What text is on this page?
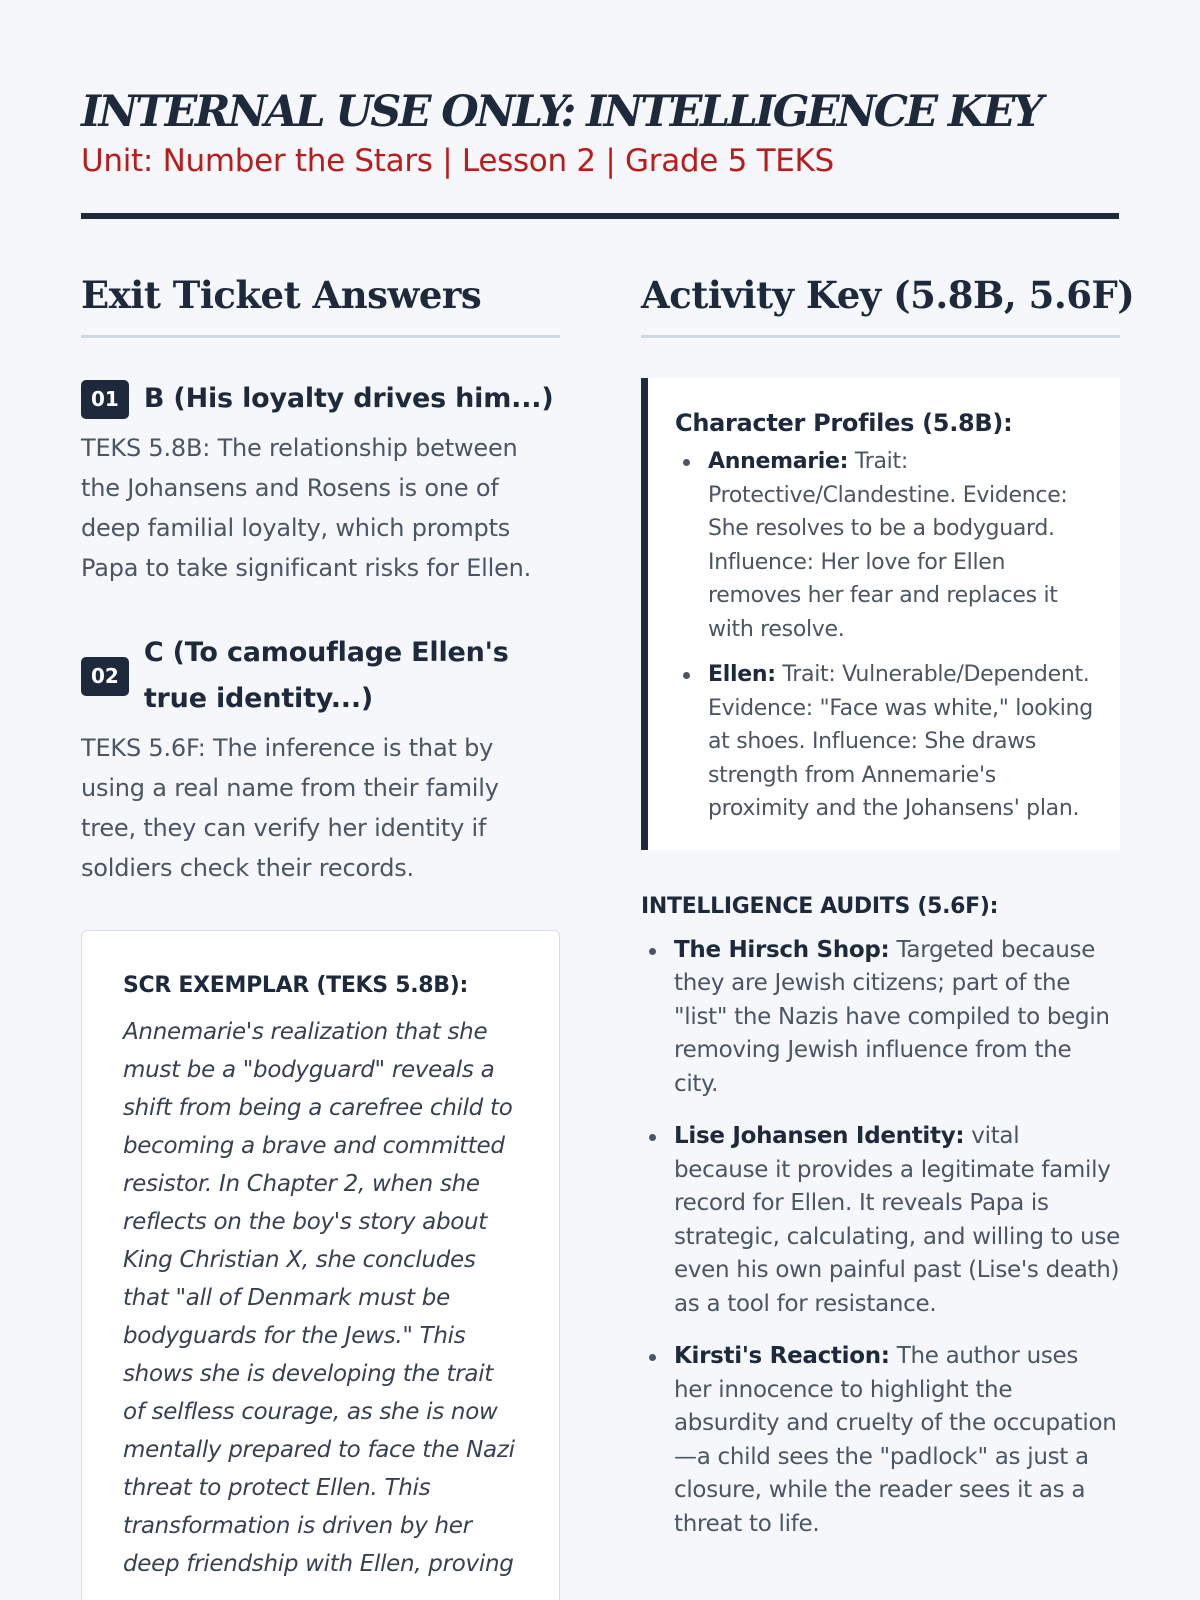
INTERNAL USE ONLY: INTELLIGENCE KEY
Unit: Number the Stars | Lesson 2 | Grade 5 TEKS
Exit Ticket Answers
01 B (His loyalty drives him...)

TEKS 5.8B: The relationship between the Johansens and Rosens is one of deep familial loyalty, which prompts Papa to take significant risks for Ellen.

02
C (To camouflage Ellen's true identity...)

TEKS 5.6F: The inference is that by using a real name from their family tree, they can verify her identity if soldiers check their records.

SCR EXEMPLAR (TEKS 5.8B):

Annemarie's realization that she must be a "bodyguard" reveals a shift from being a carefree child to becoming a brave and committed resistor. In Chapter 2, when she reflects on the boy's story about King Christian X, she concludes that "all of Denmark must be bodyguards for the Jews." This shows she is developing the trait of selfless courage, as she is now mentally prepared to face the Nazi threat to protect Ellen. This transformation is driven by her deep friendship with Ellen, proving

Activity Key (5.8B, 5.6F)
Character Profiles (5.8B):
Annemarie: Trait: Protective/Clandestine. Evidence: She resolves to be a bodyguard. Influence: Her love for Ellen removes her fear and replaces it with resolve.
Ellen: Trait: Vulnerable/Dependent. Evidence: "Face was white," looking at shoes. Influence: She draws strength from Annemarie's proximity and the Johansens' plan.
INTELLIGENCE AUDITS (5.6F):
The Hirsch Shop: Targeted because they are Jewish citizens; part of the "list" the Nazis have compiled to begin removing Jewish influence from the city.
Lise Johansen Identity: vital because it provides a legitimate family record for Ellen. It reveals Papa is strategic, calculating, and willing to use even his own painful past (Lise's death) as a tool for resistance.
Kirsti's Reaction: The author uses her innocence to highlight the absurdity and cruelty of the occupation—a child sees the "padlock" as just a closure, while the reader sees it as a threat to life.
